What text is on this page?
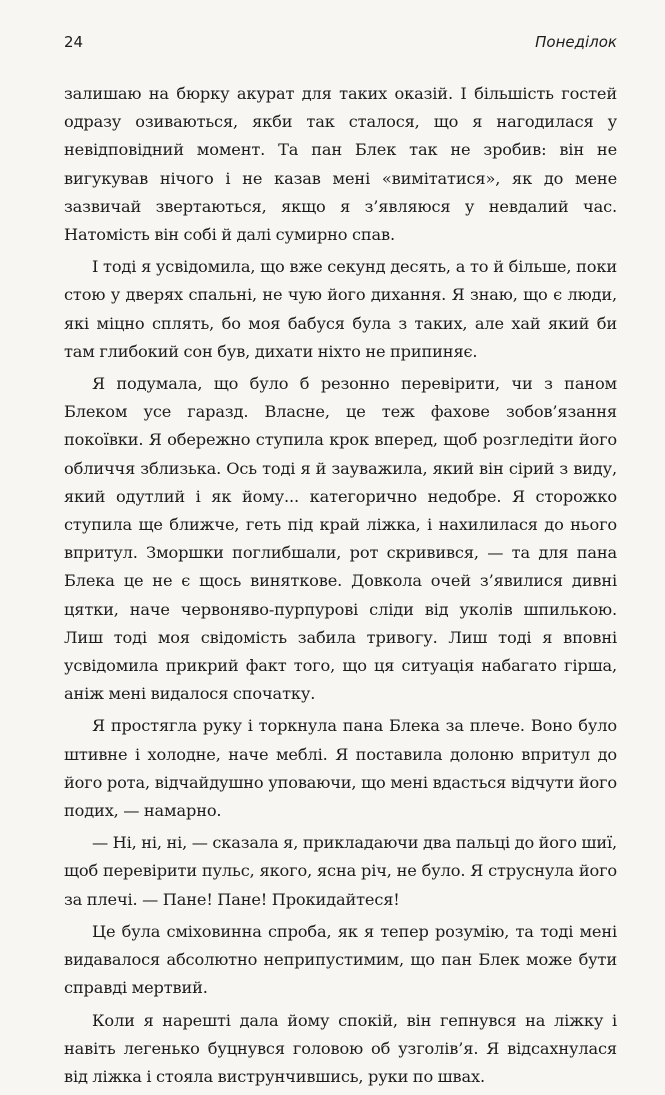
24	Понеділок

залишаю на бюрку акурат для таких оказій. І більшість гостей одразу озиваються, якби так сталося, що я нагодилася у невідповідний момент. Та пан Блек так не зробив: він не вигукував нічого і не казав мені «вимітатися», як до мене зазвичай звертаються, якщо я з’являюся у невдалий час. Натомість він собі й далі сумирно спав.

І тоді я усвідомила, що вже секунд десять, а то й більше, поки стою у дверях спальні, не чую його дихання. Я знаю, що є люди, які міцно сплять, бо моя бабуся була з таких, але хай який би там глибокий сон був, дихати ніхто не припиняє.

Я подумала, що було б резонно перевірити, чи з паном Блеком усе гаразд. Власне, це теж фахове зобов’язання покоївки. Я обережно ступила крок вперед, щоб розгледіти його обличчя зблизька. Ось тоді я й зауважила, який він сірий з виду, який одутлий і як йому... категорично недобре. Я сторожко ступила ще ближче, геть під край ліжка, і нахилилася до нього впритул. Зморшки поглибшали, рот скривився, — та для пана Блека це не є щось виняткове. Довкола очей з’явилися дивні цятки, наче червоняво-пурпурові сліди від уколів шпилькою. Лиш тоді моя свідомість забила тривогу. Лиш тоді я вповні усвідомила прикрий факт того, що ця ситуація набагато гірша, аніж мені видалося спочатку.

Я простягла руку і торкнула пана Блека за плече. Воно було штивне і холодне, наче меблі. Я поставила долоню впритул до його рота, відчайдушно уповаючи, що мені вдасться відчути його подих, — намарно.

— Ні, ні, ні, — сказала я, прикладаючи два пальці до його шиї, щоб перевірити пульс, якого, ясна річ, не було. Я струснула його за плечі. — Пане! Пане! Прокидайтеся!

Це була сміховинна спроба, як я тепер розумію, та тоді мені видавалося абсолютно неприпустимим, що пан Блек може бути справді мертвий.

Коли я нарешті дала йому спокій, він гепнувся на ліжку і навіть легенько буцнувся головою об узголів’я. Я відсахнулася від ліжка і стояла виструнчившись, руки по швах.
